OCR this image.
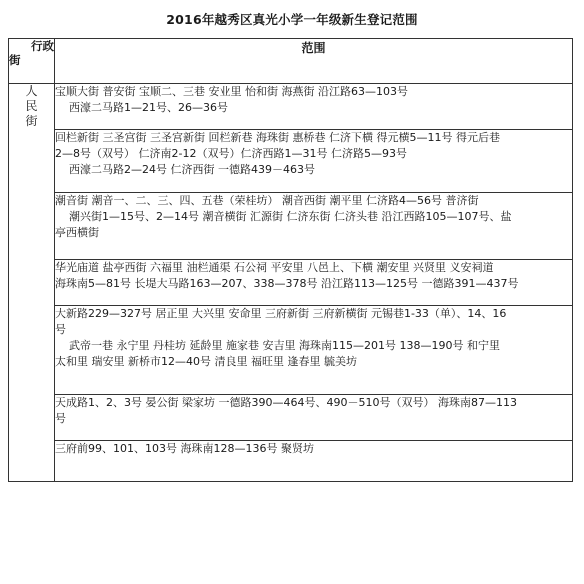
2016年越秀区真光小学一年级新生登记范围
行政
街	范围

人
民
街	宝顺大街 普安街 宝顺二、三巷 安业里 怡和街 海燕街 沿江路63—103号
西濠二马路1—21号、26—36号

	回栏新街 三圣宫街 三圣宫新街 回栏新巷 海珠街 惠桥巷 仁济下横 得元横5—11号 得元后巷
2—8号（双号） 仁济南2-12（双号）仁济西路1—31号 仁济路5—93号
西濠二马路2—24号 仁济西街 一德路439－463号

	潮音街 潮音一、二、三、四、五巷（荣桂坊） 潮音西街 潮平里 仁济路4—56号 普济街
潮兴街1—15号、2—14号 潮音横街 汇源街 仁济东街 仁济头巷 沿江西路105—107号、盐
亭西横街

	华光庙道 盐亭西街 六福里 油栏通渠 石公祠 平安里 八邑上、下横 潮安里 兴贤里 义安祠道
海珠南5—81号 长堤大马路163—207、338—378号 沿江路113—125号 一德路391—437号

	大新路229—327号 居正里 大兴里 安命里 三府新街 三府新横街 元锡巷1-33（单）、14、16
号
武帝一巷 永宁里 丹桂坊 延龄里 施家巷 安吉里 海珠南115—201号 138—190号 和宁里
太和里 瑞安里 新桥市12—40号 清良里 福旺里 逢春里 毓美坊

	天成路1、2、3号 晏公街 梁家坊 一德路390—464号、490－510号（双号） 海珠南87—113
号

	三府前99、101、103号 海珠南128—136号 聚贤坊
